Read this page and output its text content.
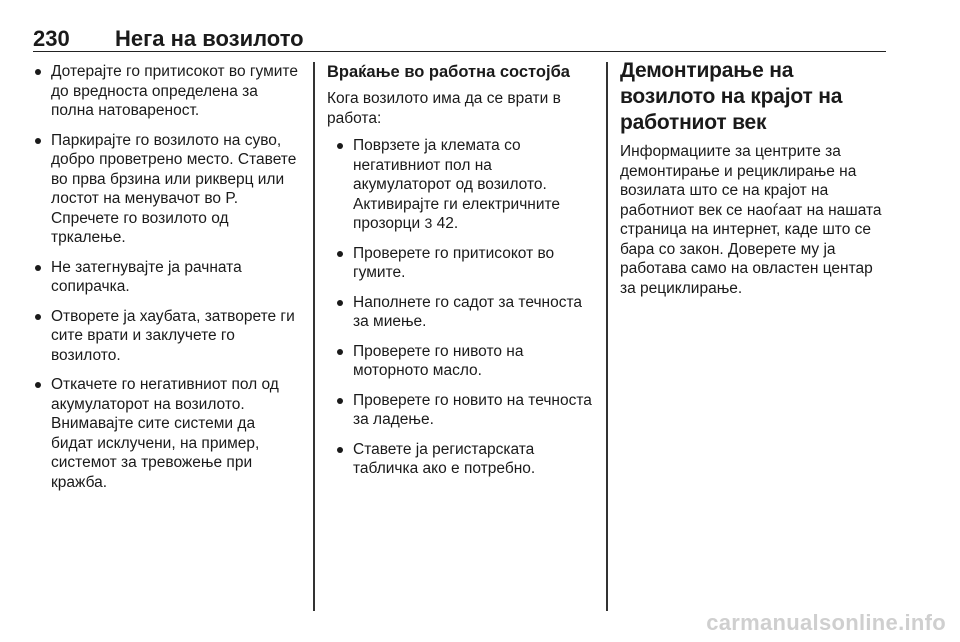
230 Нега на возилото
Дотерајте го притисокот во гумите до вредноста определена за полна натовареност.
Паркирајте го возилото на суво, добро проветрено место. Ставете во прва брзина или рикверц или лостот на менувачот во P. Спречете го возилото од тркалење.
Не затегнувајте ја рачната сопирачка.
Отворете ја хаубата, затворете ги сите врати и заклучете го возилото.
Откачете го негативниот пол од акумулаторот на возилото. Внимавајте сите системи да бидат исклучени, на пример, системот за тревожење при кражба.
Враќање во работна состојба

Кога возилото има да се врати в работа:

Поврзете ја клемата со негативниот пол на акумулаторот од возилото. Активирајте ги електричните прозорци 3 42.
Проверете го притисокот во гумите.
Наполнете го садот за течноста за миење.
Проверете го нивото на моторното масло.
Проверете го новито на течноста за ладење.
Ставете ја регистарската табличка ако е потребно.
Демонтирање на возилото на крајот на работниот век

Информациите за центрите за демонтирање и рециклирање на возилата што се на крајот на работниот век се наоѓаат на нашата страница на интернет, каде што се бара со закон. Доверете му ја работава само на овластен центар за рециклирање.

carmanualsonline.info
